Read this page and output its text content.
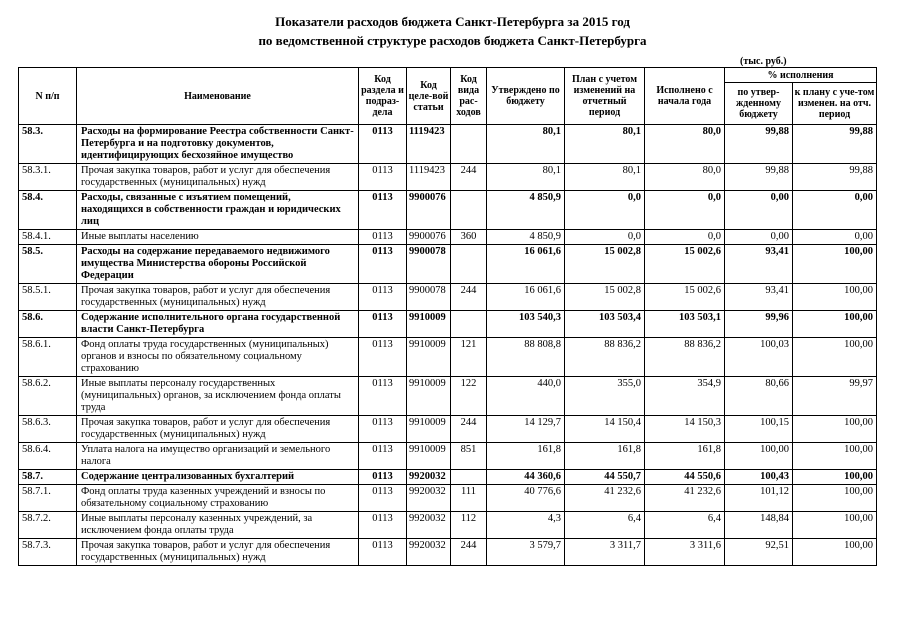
Показатели расходов бюджета Санкт-Петербурга за 2015 год
по ведомственной структуре расходов бюджета Санкт-Петербурга
(тыс. руб.)
N п/п	Наименование	Код раздела и подраз-дела	Код целе-вой статьи	Код вида рас-ходов	Утверждено по бюджету	План с учетом изменений на отчетный период	Исполнено с начала года	% исполнения	
								по утвер-жденному бюджету	к плану с уче-том изменен. на отч. период
58.3.	Расходы на формирование Реестра собственности Санкт-Петербурга и на подготовку документов, идентифицирующих бесхозяйное имущество	0113	1119423		80,1	80,1	80,0	99,88	99,88
58.3.1.	Прочая закупка товаров, работ и услуг для обеспечения государственных (муниципальных) нужд	0113	1119423	244	80,1	80,1	80,0	99,88	99,88
58.4.	Расходы, связанные с изъятием помещений, находящихся в собственности граждан и юридических лиц	0113	9900076		4 850,9	0,0	0,0	0,00	0,00
58.4.1.	Иные выплаты населению	0113	9900076	360	4 850,9	0,0	0,0	0,00	0,00
58.5.	Расходы на содержание передаваемого недвижимого имущества Министерства обороны Российской Федерации	0113	9900078		16 061,6	15 002,8	15 002,6	93,41	100,00
58.5.1.	Прочая закупка товаров, работ и услуг для обеспечения государственных (муниципальных) нужд	0113	9900078	244	16 061,6	15 002,8	15 002,6	93,41	100,00
58.6.	Содержание исполнительного органа государственной власти Санкт-Петербурга	0113	9910009		103 540,3	103 503,4	103 503,1	99,96	100,00
58.6.1.	Фонд оплаты труда государственных (муниципальных) органов и взносы по обязательному социальному страхованию	0113	9910009	121	88 808,8	88 836,2	88 836,2	100,03	100,00
58.6.2.	Иные выплаты персоналу государственных (муниципальных) органов, за исключением фонда оплаты труда	0113	9910009	122	440,0	355,0	354,9	80,66	99,97
58.6.3.	Прочая закупка товаров, работ и услуг для обеспечения государственных (муниципальных) нужд	0113	9910009	244	14 129,7	14 150,4	14 150,3	100,15	100,00
58.6.4.	Уплата налога на имущество организаций и земельного налога	0113	9910009	851	161,8	161,8	161,8	100,00	100,00
58.7.	Содержание централизованных бухгалтерий	0113	9920032		44 360,6	44 550,7	44 550,6	100,43	100,00
58.7.1.	Фонд оплаты труда казенных учреждений и взносы по обязательному социальному страхованию	0113	9920032	111	40 776,6	41 232,6	41 232,6	101,12	100,00
58.7.2.	Иные выплаты персоналу казенных учреждений, за исключением фонда оплаты труда	0113	9920032	112	4,3	6,4	6,4	148,84	100,00
58.7.3.	Прочая закупка товаров, работ и услуг для обеспечения государственных (муниципальных) нужд	0113	9920032	244	3 579,7	3 311,7	3 311,6	92,51	100,00
